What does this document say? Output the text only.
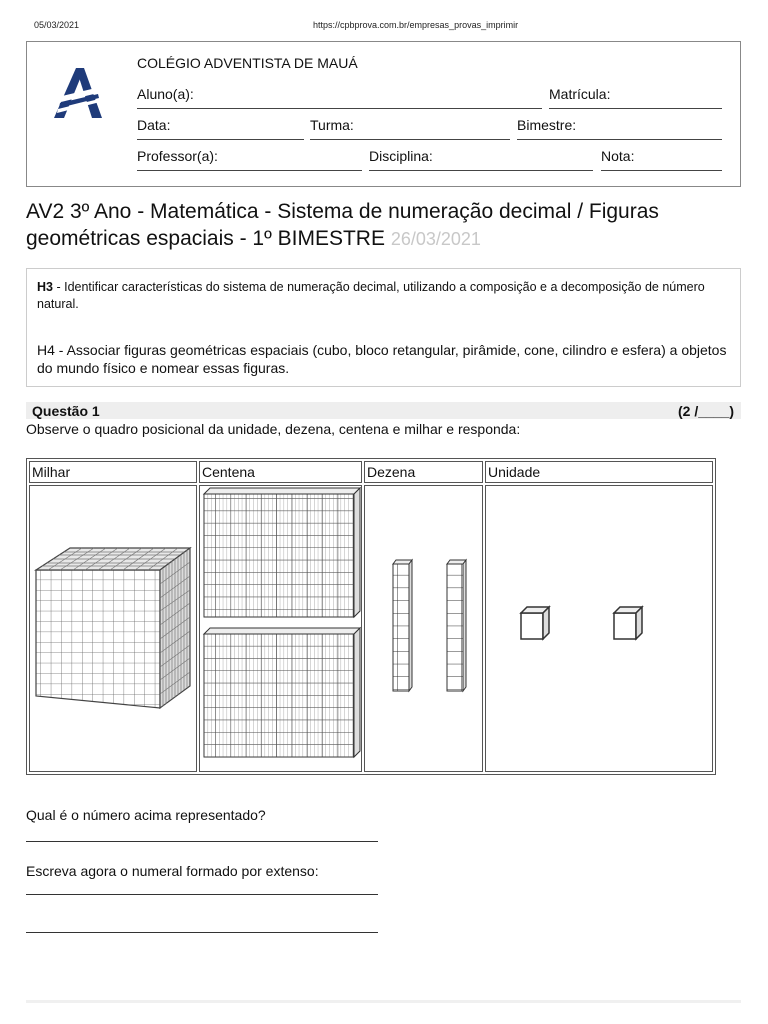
05/03/2021	https://cpbprova.com.br/empresas_provas_imprimir
COLÉGIO ADVENTISTA DE MAUÁ
Aluno(a):	Matrícula:
Data:	Turma:	Bimestre:
Professor(a):	Disciplina:	Nota:
AV2 3º Ano - Matemática - Sistema de numeração decimal / Figuras geométricas espaciais - 1º BIMESTRE 26/03/2021
H3 - Identificar características do sistema de numeração decimal, utilizando a composição e a decomposição de número natural.
H4 - Associar figuras geométricas espaciais (cubo, bloco retangular, pirâmide, cone, cilindro e esfera) a objetos do mundo físico e nomear essas figuras.
Questão 1	(2 /____)
Observe o quadro posicional da unidade, dezena, centena e milhar e responda:
Milhar	Centena	Dezena	Unidade

Qual é o número acima representado?
Escreva agora o numeral formado por extenso:
